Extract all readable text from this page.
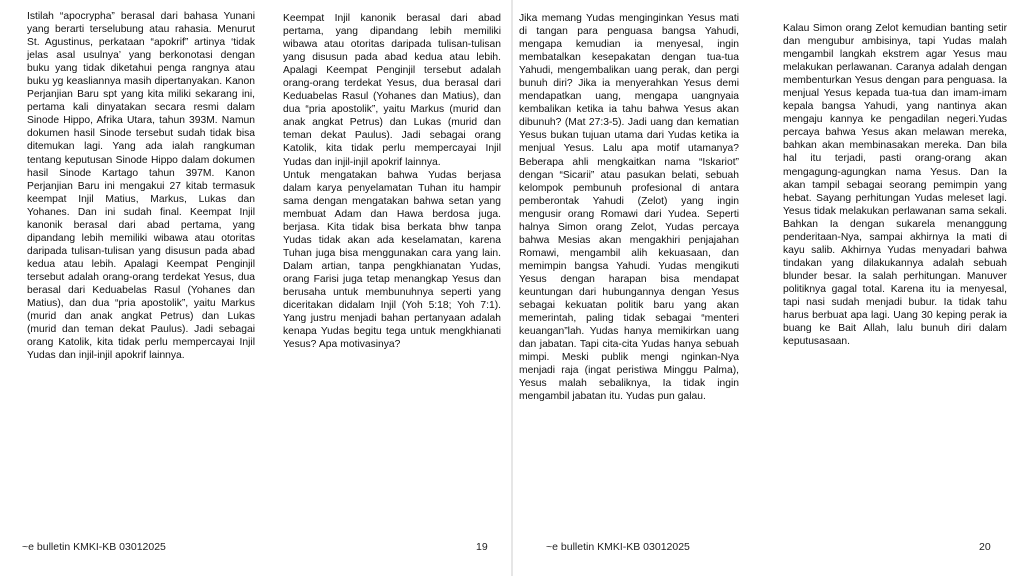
Istilah “apocrypha” berasal dari bahasa Yunani yang berarti terselubung atau rahasia. Menurut St. Agustinus, perkataan “apokrif” artinya ‘tidak jelas asal usulnya’ yang berkonotasi dengan buku yang tidak diketahui penga rangnya atau buku yg keasliannya masih dipertanyakan. Kanon Perjanjian Baru spt yang kita miliki sekarang ini, pertama kali dinyatakan secara resmi dalam Sinode Hippo, Afrika Utara, tahun 393M. Namun dokumen hasil Sinode tersebut sudah tidak bisa ditemukan lagi. Yang ada ialah rangkuman tentang keputusan Sinode Hippo dalam dokumen hasil Sinode Kartago tahun 397M. Kanon Perjanjian Baru ini mengakui 27 kitab termasuk keempat Injil Matius, Markus, Lukas dan Yohanes. Dan ini sudah final. Keempat Injil kanonik berasal dari abad pertama, yang dipandang lebih memiliki wibawa atau otoritas daripada tulisan-tulisan yang disusun pada abad kedua atau lebih. Apalagi Keempat Penginjil tersebut adalah orang-orang terdekat Yesus, dua berasal dari Keduabelas Rasul (Yohanes dan Matius), dan dua “pria apostolik”, yaitu Markus (murid dan anak angkat Petrus) dan Lukas (murid dan teman dekat Paulus). Jadi sebagai orang Katolik, kita tidak perlu mempercayai Injil Yudas dan injil-injil apokrif lainnya.

Keempat Injil kanonik berasal dari abad pertama, yang dipandang lebih memiliki wibawa atau otoritas daripada tulisan-tulisan yang disusun pada abad kedua atau lebih. Apalagi Keempat Penginjil tersebut adalah orang-orang terdekat Yesus, dua berasal dari Keduabelas Rasul (Yohanes dan Matius), dan dua “pria apostolik”, yaitu Markus (murid dan anak angkat Petrus) dan Lukas (murid dan teman dekat Paulus). Jadi sebagai orang Katolik, kita tidak perlu mempercayai Injil Yudas dan injil-injil apokrif lainnya.
Untuk mengatakan bahwa Yudas berjasa dalam karya penyelamatan Tuhan itu hampir sama dengan mengatakan bahwa setan yang membuat Adam dan Hawa berdosa juga. berjasa. Kita tidak bisa berkata bhw tanpa Yudas tidak akan ada keselamatan, karena Tuhan juga bisa menggunakan cara yang lain. Dalam artian, tanpa pengkhianatan Yudas, orang Farisi juga tetap menangkap Yesus dan berusaha untuk membunuhnya seperti yang diceritakan didalam Injil (Yoh 5:18; Yoh 7:1). Yang justru menjadi bahan pertanyaan adalah kenapa Yudas begitu tega untuk mengkhianati Yesus? Apa motivasinya?

~e bulletin KMKI-KB 03012025	19

Jika memang Yudas menginginkan Yesus mati di tangan para penguasa bangsa Yahudi, mengapa kemudian ia menyesal, ingin membatalkan kesepakatan dengan tua-tua Yahudi, mengembalikan uang perak, dan pergi bunuh diri? Jika ia menyerahkan Yesus demi mendapatkan uang, mengapa uangnyaia kembalikan ketika ia tahu bahwa Yesus akan dibunuh? (Mat 27:3-5). Jadi uang dan kematian Yesus bukan tujuan utama dari Yudas ketika ia menjual Yesus. Lalu apa motif utamanya? Beberapa ahli mengkaitkan nama “Iskariot” dengan “Sicarii” atau pasukan belati, sebuah kelompok pembunuh profesional di antara pemberontak Yahudi (Zelot) yang ingin mengusir orang Romawi dari Yudea. Seperti halnya Simon orang Zelot, Yudas percaya bahwa Mesias akan mengakhiri penjajahan Romawi, mengambil alih kekuasaan, dan memimpin bangsa Yahudi. Yudas mengikuti Yesus dengan harapan bisa mendapat keuntungan dari hubungannya dengan Yesus sebagai kekuatan politik baru yang akan memerintah, paling tidak sebagai “menteri keuangan”lah. Yudas hanya memikirkan uang dan jabatan. Tapi cita-cita Yudas hanya sebuah mimpi. Meski publik mengi nginkan-Nya menjadi raja (ingat peristiwa Minggu Palma), Yesus malah sebaliknya, Ia tidak ingin mengambil jabatan itu. Yudas pun galau.

Kalau Simon orang Zelot kemudian banting setir dan mengubur ambisinya, tapi Yudas malah mengambil langkah ekstrem agar Yesus mau melakukan perlawanan. Caranya adalah dengan membenturkan Yesus dengan para penguasa. Ia menjual Yesus kepada tua-tua dan imam-imam kepala bangsa Yahudi, yang nantinya akan mengaju kannya ke pengadilan negeri.Yudas percaya bahwa Yesus akan melawan mereka, bahkan akan membinasakan mereka. Dan bila hal itu terjadi, pasti orang-orang akan mengagung-agungkan nama Yesus. Dan Ia akan tampil sebagai seorang pemimpin yang hebat. Sayang perhitungan Yudas meleset lagi. Yesus tidak melakukan perlawanan sama sekali. Bahkan Ia dengan sukarela menanggung penderitaan-Nya, sampai akhirnya Ia mati di kayu salib. Akhirnya Yudas menyadari bahwa tindakan yang dilakukannya adalah sebuah blunder besar. Ia salah perhitungan. Manuver politiknya gagal total. Karena itu ia menyesal, tapi nasi sudah menjadi bubur. Ia tidak tahu harus berbuat apa lagi. Uang 30 keping perak ia buang ke Bait Allah, lalu bunuh diri dalam keputusasaan.

~e bulletin KMKI-KB 03012025	20
